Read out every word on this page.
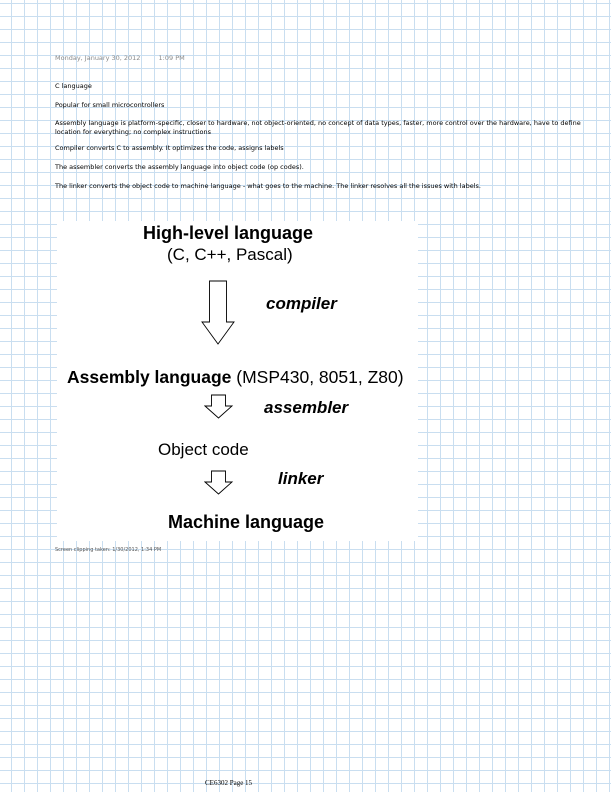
Monday, January 30, 2012	1:09 PM

C language

Popular for small microcontrollers

Assembly language is platform-specific, closer to hardware, not object-oriented, no concept of data types, faster, more control over the hardware, have to define location for everything; no complex instructions

Compiler converts C to assembly. It optimizes the code, assigns labels

The assembler converts the assembly language into object code (op codes).

The linker converts the object code to machine language - what goes to the machine. The linker resolves all the issues with labels.

High-level language
(C, C++, Pascal)
compiler
Assembly language (MSP430, 8051, Z80)
assembler
Object code
linker
Machine language
Screen clipping taken: 1/30/2012, 1:34 PM
CE6302 Page 15
